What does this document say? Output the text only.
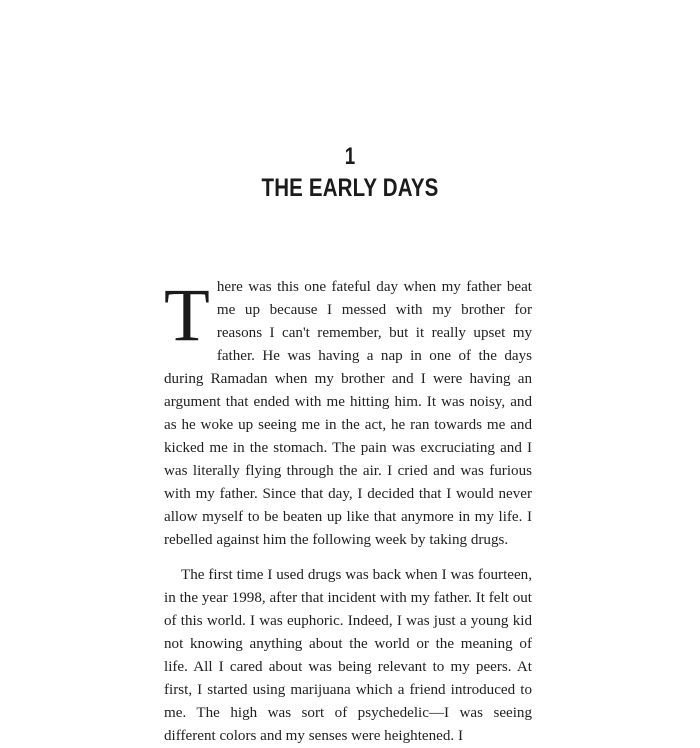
1
THE EARLY DAYS

There was this one fateful day when my father beat me up because I messed with my brother for reasons I can't remember, but it really upset my father. He was having a nap in one of the days during Ramadan when my brother and I were having an argument that ended with me hitting him. It was noisy, and as he woke up seeing me in the act, he ran towards me and kicked me in the stomach. The pain was excruciating and I was literally flying through the air. I cried and was furious with my father. Since that day, I decided that I would never allow myself to be beaten up like that anymore in my life. I rebelled against him the following week by taking drugs.

The first time I used drugs was back when I was fourteen, in the year 1998, after that incident with my father. It felt out of this world. I was euphoric. Indeed, I was just a young kid not knowing anything about the world or the meaning of life. All I cared about was being relevant to my peers. At first, I started using marijuana which a friend introduced to me. The high was sort of psychedelic—I was seeing different colors and my senses were heightened. I
